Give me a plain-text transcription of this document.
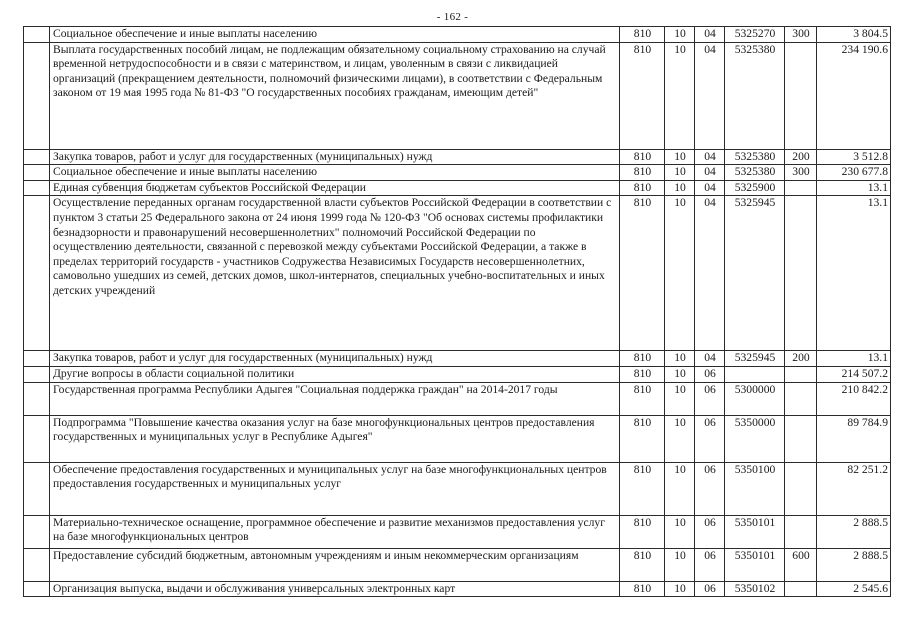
- 162 -
	Социальное обеспечение и иные выплаты населению	810	10	04	5325270	300	3 804.5
	Выплата государственных пособий лицам, не подлежащим обязательному социальному страхованию на случай временной нетрудоспособности и в связи с материнством, и лицам, уволенным в связи с ликвидацией организаций (прекращением деятельности, полномочий физическими лицами), в соответствии с Федеральным законом от 19 мая 1995 года № 81-ФЗ "О государственных пособиях гражданам, имеющим детей"	810	10	04	5325380		234 190.6
	Закупка товаров, работ и услуг для государственных (муниципальных) нужд	810	10	04	5325380	200	3 512.8
	Социальное обеспечение и иные выплаты населению	810	10	04	5325380	300	230 677.8
	Единая субвенция бюджетам субъектов Российской Федерации	810	10	04	5325900		13.1
	Осуществление переданных органам государственной власти субъектов Российской Федерации в соответствии с пунктом 3 статьи 25 Федерального закона от 24 июня 1999 года № 120-ФЗ "Об основах системы профилактики безнадзорности и правонарушений несовершеннолетних" полномочий Российской Федерации по осуществлению деятельности, связанной с перевозкой между субъектами Российской Федерации, а также в пределах территорий государств - участников Содружества Независимых Государств несовершеннолетних, самовольно ушедших из семей, детских домов, школ-интернатов, специальных учебно-воспитательных и иных детских учреждений	810	10	04	5325945		13.1
	Закупка товаров, работ и услуг для государственных (муниципальных) нужд	810	10	04	5325945	200	13.1
	Другие вопросы в области социальной политики	810	10	06			214 507.2
	Государственная программа Республики Адыгея "Социальная поддержка граждан" на 2014-2017 годы	810	10	06	5300000		210 842.2
	Подпрограмма "Повышение качества оказания услуг на базе многофункциональных центров предоставления государственных и муниципальных услуг в Республике Адыгея"	810	10	06	5350000		89 784.9
	Обеспечение предоставления государственных и муниципальных услуг на базе многофункциональных центров предоставления государственных и муниципальных услуг	810	10	06	5350100		82 251.2
	Материально-техническое оснащение, программное обеспечение и развитие механизмов предоставления услуг на базе многофункциональных центров	810	10	06	5350101		2 888.5
	Предоставление субсидий бюджетным, автономным учреждениям и иным некоммерческим организациям	810	10	06	5350101	600	2 888.5
	Организация выпуска, выдачи и обслуживания универсальных электронных карт	810	10	06	5350102		2 545.6
